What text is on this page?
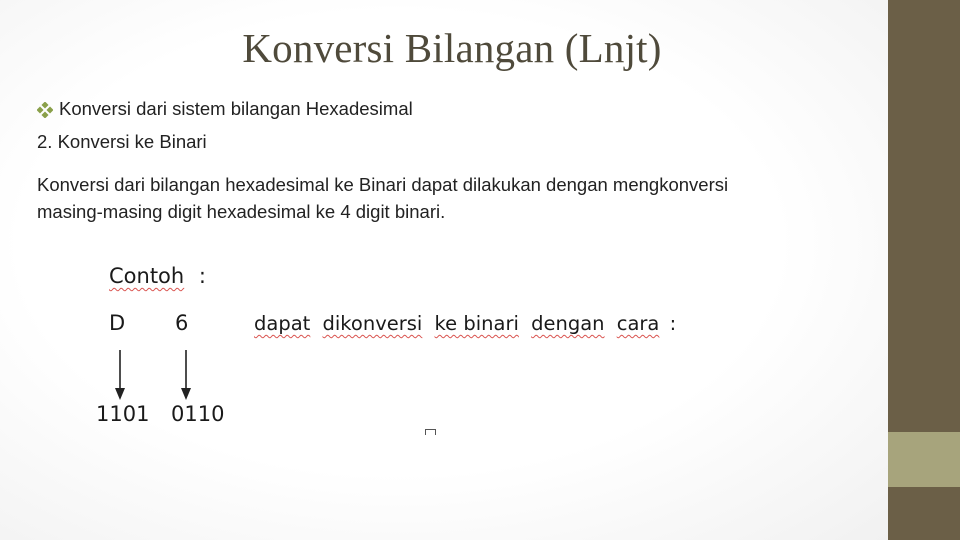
Konversi Bilangan (Lnjt)
Konversi dari sistem bilangan Hexadesimal
2. Konversi ke Binari
Konversi dari bilangan hexadesimal ke Binari dapat dilakukan dengan mengkonversi masing-masing digit hexadesimal ke 4 digit binari.
Contoh :
D 6	dapat dikonversi ke binari dengan cara :
1101 0110
